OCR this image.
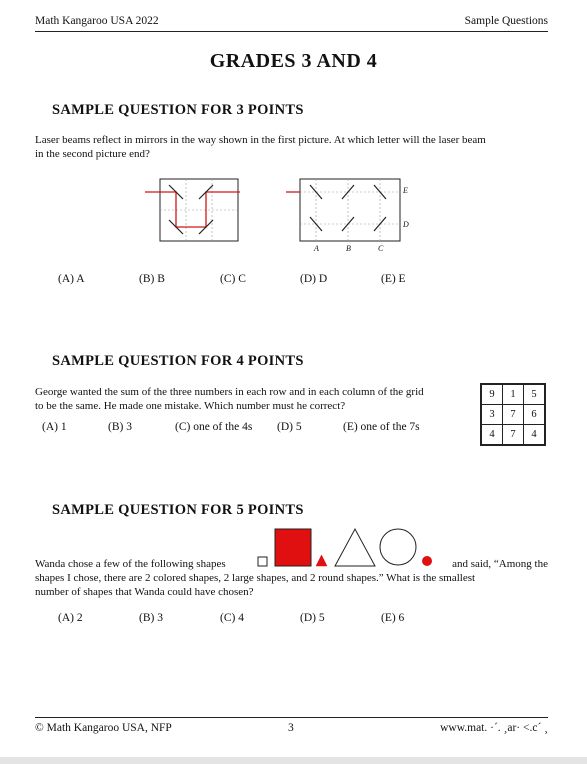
Math Kangaroo USA 2022	Sample Questions
GRADES 3 AND 4
SAMPLE QUESTION FOR 3 POINTS
Laser beams reflect in mirrors in the way shown in the first picture. At which letter will the laser beam
in the second picture end?
E
D
A	B	C
(A) A	(B) B	(C) C	(D) D	(E) E
SAMPLE QUESTION FOR 4 POINTS
George wanted the sum of the three numbers in each row and in each column of the grid
to be the same. He made one mistake. Which number must he correct?
9	1	5
3	7	6
4	7	4
(A) 1	(B) 3	(C) one of the 4s (D) 5	(E) one of the 7s
SAMPLE QUESTION FOR 5 POINTS
Wanda chose a few of the following shapes	and said, “Among the
shapes I chose, there are 2 colored shapes, 2 large shapes, and 2 round shapes.” What is the smallest
number of shapes that Wanda could have chosen?
(A) 2	(B) 3	(C) 4	(D) 5	(E) 6
© Math Kangaroo USA, NFP	3	www.mat. ·´. ¸ar· <.c´ ¸
